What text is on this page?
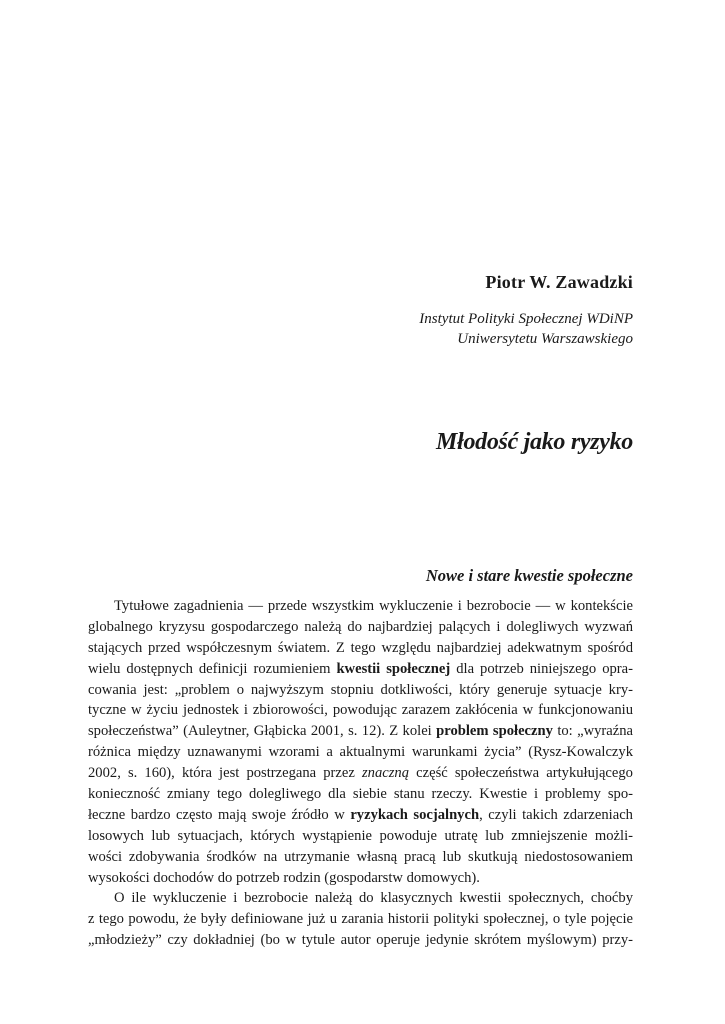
Piotr W. Zawadzki
Instytut Polityki Społecznej WDiNP
Uniwersytetu Warszawskiego
Młodość jako ryzyko
Nowe i stare kwestie społeczne
Tytułowe zagadnienia — przede wszystkim wykluczenie i bezrobocie — w kontekście
globalnego kryzysu gospodarczego należą do najbardziej palących i dolegliwych wyzwań
stających przed współczesnym światem. Z tego względu najbardziej adekwatnym spośród
wielu dostępnych definicji rozumieniem kwestii społecznej dla potrzeb niniejszego opra-
cowania jest: „problem o najwyższym stopniu dotkliwości, który generuje sytuacje kry-
tyczne w życiu jednostek i zbiorowości, powodując zarazem zakłócenia w funkcjonowaniu
społeczeństwa” (Auleytner, Głąbicka 2001, s. 12). Z kolei problem społeczny to: „wyraźna
różnica między uznawanymi wzorami a aktualnymi warunkami życia” (Rysz-Kowalczyk
2002, s. 160), która jest postrzegana przez znaczną część społeczeństwa artykułującego
konieczność zmiany tego dolegliwego dla siebie stanu rzeczy. Kwestie i problemy spo-
łeczne bardzo często mają swoje źródło w ryzykach socjalnych, czyli takich zdarzeniach
losowych lub sytuacjach, których wystąpienie powoduje utratę lub zmniejszenie możli-
wości zdobywania środków na utrzymanie własną pracą lub skutkują niedostosowaniem
wysokości dochodów do potrzeb rodzin (gospodarstw domowych).
O ile wykluczenie i bezrobocie należą do klasycznych kwestii społecznych, choćby
z tego powodu, że były definiowane już u zarania historii polityki społecznej, o tyle pojęcie
„młodzieży” czy dokładniej (bo w tytule autor operuje jedynie skrótem myślowym) przy-
